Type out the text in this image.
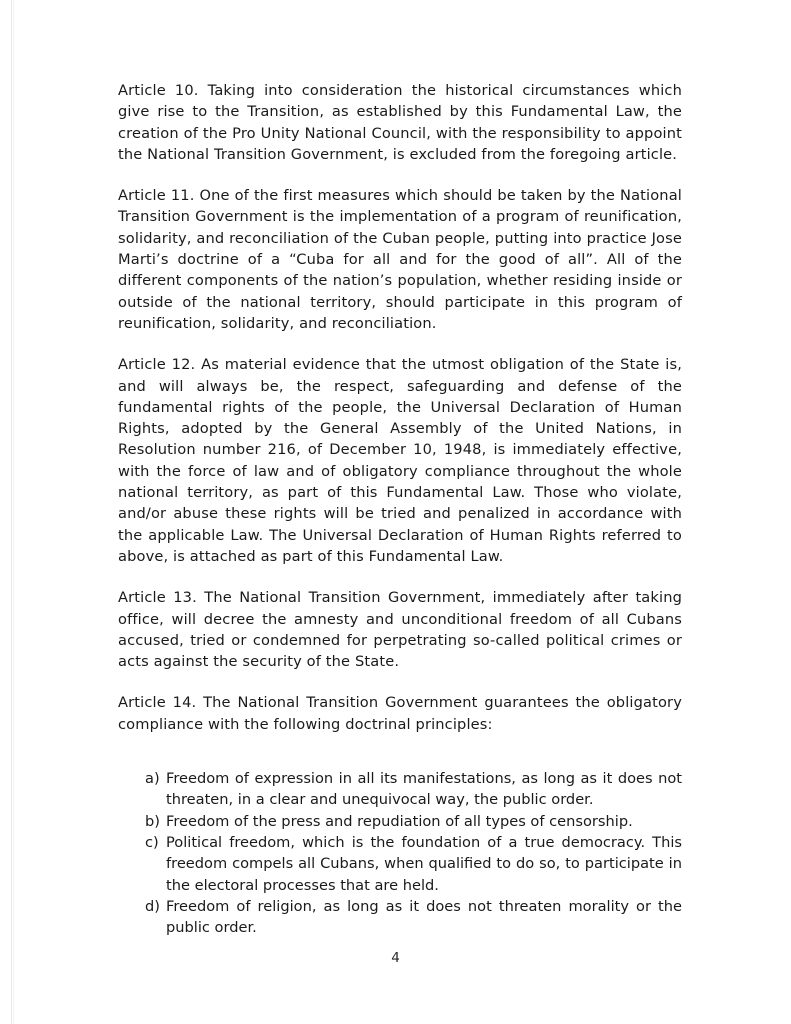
Article 10. Taking into consideration the historical circumstances which give rise to the Transition, as established by this Fundamental Law, the creation of the Pro Unity National Council, with the responsibility to appoint the National Transition Government, is excluded from the foregoing article.

Article 11. One of the first measures which should be taken by the National Transition Government is the implementation of a program of reunification, solidarity, and reconciliation of the Cuban people, putting into practice Jose Marti’s doctrine of a “Cuba for all and for the good of all”. All of the different components of the nation’s population, whether residing inside or outside of the national territory, should participate in this program of reunification, solidarity, and reconciliation.

Article 12. As material evidence that the utmost obligation of the State is, and will always be, the respect, safeguarding and defense of the fundamental rights of the people, the Universal Declaration of Human Rights, adopted by the General Assembly of the United Nations, in Resolution number 216, of December 10, 1948, is immediately effective, with the force of law and of obligatory compliance throughout the whole national territory, as part of this Fundamental Law. Those who violate, and/or abuse these rights will be tried and penalized in accordance with the applicable Law. The Universal Declaration of Human Rights referred to above, is attached as part of this Fundamental Law.

Article 13. The National Transition Government, immediately after taking office, will decree the amnesty and unconditional freedom of all Cubans accused, tried or condemned for perpetrating so-called political crimes or acts against the security of the State.

Article 14. The National Transition Government guarantees the obligatory compliance with the following doctrinal principles:

a) Freedom of expression in all its manifestations, as long as it does not threaten, in a clear and unequivocal way, the public order.
b) Freedom of the press and repudiation of all types of censorship.
c) Political freedom, which is the foundation of a true democracy. This freedom compels all Cubans, when qualified to do so, to participate in the electoral processes that are held.
d) Freedom of religion, as long as it does not threaten morality or the public order.
4
